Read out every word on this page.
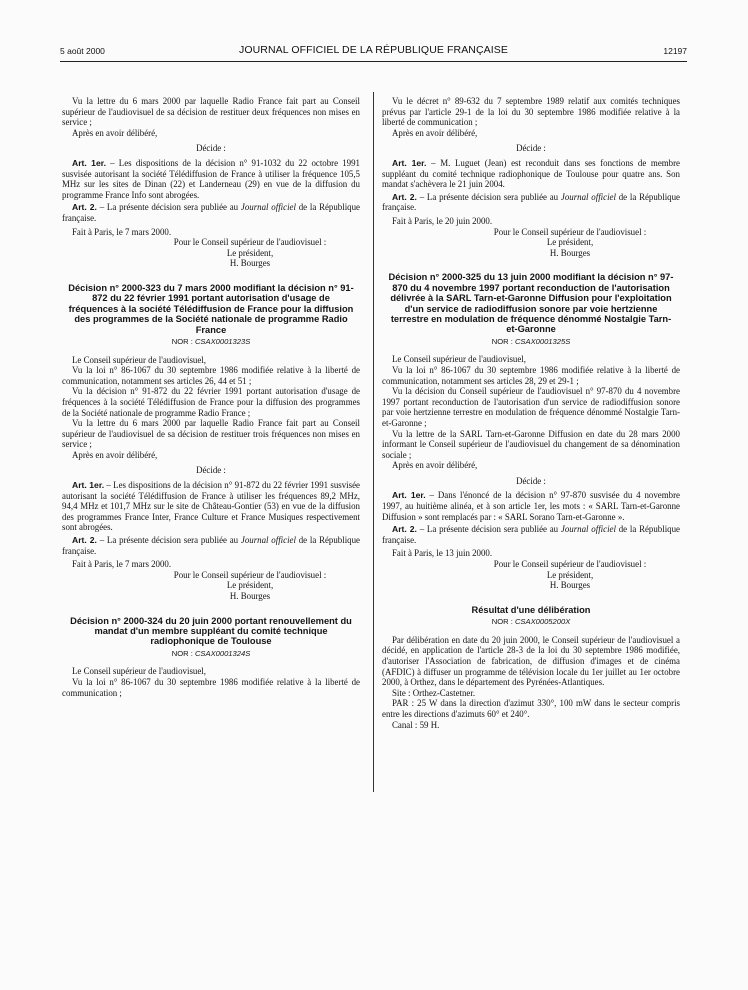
5 août 2000	JOURNAL OFFICIEL DE LA RÉPUBLIQUE FRANÇAISE	12197

Vu la lettre du 6 mars 2000 par laquelle Radio France fait part au Conseil supérieur de l'audiovisuel de sa décision de restituer deux fréquences non mises en service ;

Après en avoir délibéré,

Décide :

Art. 1er. – Les dispositions de la décision n° 91-1032 du 22 octobre 1991 susvisée autorisant la société Télédiffusion de France à utiliser la fréquence 105,5 MHz sur les sites de Dinan (22) et Landerneau (29) en vue de la diffusion du programme France Info sont abrogées.

Art. 2. – La présente décision sera publiée au Journal officiel de la République française.

Fait à Paris, le 7 mars 2000.

Pour le Conseil supérieur de l'audiovisuel :

Le président,

H. Bourges

Décision n° 2000-323 du 7 mars 2000 modifiant la décision n° 91-872 du 22 février 1991 portant autorisation d'usage de fréquences à la société Télédiffusion de France pour la diffusion des programmes de la Société nationale de programme Radio France

NOR : CSAX0001323S

Le Conseil supérieur de l'audiovisuel,

Vu la loi n° 86-1067 du 30 septembre 1986 modifiée relative à la liberté de communication, notamment ses articles 26, 44 et 51 ;

Vu la décision n° 91-872 du 22 février 1991 portant autorisation d'usage de fréquences à la société Télédiffusion de France pour la diffusion des programmes de la Société nationale de programme Radio France ;

Vu la lettre du 6 mars 2000 par laquelle Radio France fait part au Conseil supérieur de l'audiovisuel de sa décision de restituer trois fréquences non mises en service ;

Après en avoir délibéré,

Décide :

Art. 1er. – Les dispositions de la décision n° 91-872 du 22 février 1991 susvisée autorisant la société Télédiffusion de France à utiliser les fréquences 89,2 MHz, 94,4 MHz et 101,7 MHz sur le site de Château-Gontier (53) en vue de la diffusion des programmes France Inter, France Culture et France Musiques respectivement sont abrogées.

Art. 2. – La présente décision sera publiée au Journal officiel de la République française.

Fait à Paris, le 7 mars 2000.

Pour le Conseil supérieur de l'audiovisuel :

Le président,

H. Bourges

Décision n° 2000-324 du 20 juin 2000 portant renouvellement du mandat d'un membre suppléant du comité technique radiophonique de Toulouse

NOR : CSAX0001324S

Le Conseil supérieur de l'audiovisuel,

Vu la loi n° 86-1067 du 30 septembre 1986 modifiée relative à la liberté de communication ;

Vu le décret n° 89-632 du 7 septembre 1989 relatif aux comités techniques prévus par l'article 29-1 de la loi du 30 septembre 1986 modifiée relative à la liberté de communication ;

Après en avoir délibéré,

Décide :

Art. 1er. – M. Luguet (Jean) est reconduit dans ses fonctions de membre suppléant du comité technique radiophonique de Toulouse pour quatre ans. Son mandat s'achèvera le 21 juin 2004.

Art. 2. – La présente décision sera publiée au Journal officiel de la République française.

Fait à Paris, le 20 juin 2000.

Pour le Conseil supérieur de l'audiovisuel :

Le président,

H. Bourges

Décision n° 2000-325 du 13 juin 2000 modifiant la décision n° 97-870 du 4 novembre 1997 portant reconduction de l'autorisation délivrée à la SARL Tarn-et-Garonne Diffusion pour l'exploitation d'un service de radiodiffusion sonore par voie hertzienne terrestre en modulation de fréquence dénommé Nostalgie Tarn-et-Garonne

NOR : CSAX0001325S

Le Conseil supérieur de l'audiovisuel,

Vu la loi n° 86-1067 du 30 septembre 1986 modifiée relative à la liberté de communication, notamment ses articles 28, 29 et 29-1 ;

Vu la décision du Conseil supérieur de l'audiovisuel n° 97-870 du 4 novembre 1997 portant reconduction de l'autorisation d'un service de radiodiffusion sonore par voie hertzienne terrestre en modulation de fréquence dénommé Nostalgie Tarn-et-Garonne ;

Vu la lettre de la SARL Tarn-et-Garonne Diffusion en date du 28 mars 2000 informant le Conseil supérieur de l'audiovisuel du changement de sa dénomination sociale ;

Après en avoir délibéré,

Décide :

Art. 1er. – Dans l'énoncé de la décision n° 97-870 susvisée du 4 novembre 1997, au huitième alinéa, et à son article 1er, les mots : « SARL Tarn-et-Garonne Diffusion » sont remplacés par : « SARL Sorano Tarn-et-Garonne ».

Art. 2. – La présente décision sera publiée au Journal officiel de la République française.

Fait à Paris, le 13 juin 2000.

Pour le Conseil supérieur de l'audiovisuel :

Le président,

H. Bourges

Résultat d'une délibération

NOR : CSAX0005200X

Par délibération en date du 20 juin 2000, le Conseil supérieur de l'audiovisuel a décidé, en application de l'article 28-3 de la loi du 30 septembre 1986 modifiée, d'autoriser l'Association de fabrication, de diffusion d'images et de cinéma (AFDIC) à diffuser un programme de télévision locale du 1er juillet au 1er octobre 2000, à Orthez, dans le département des Pyrénées-Atlantiques.

Site : Orthez-Castetner.

PAR : 25 W dans la direction d'azimut 330°, 100 mW dans le secteur compris entre les directions d'azimuts 60° et 240°.

Canal : 59 H.
